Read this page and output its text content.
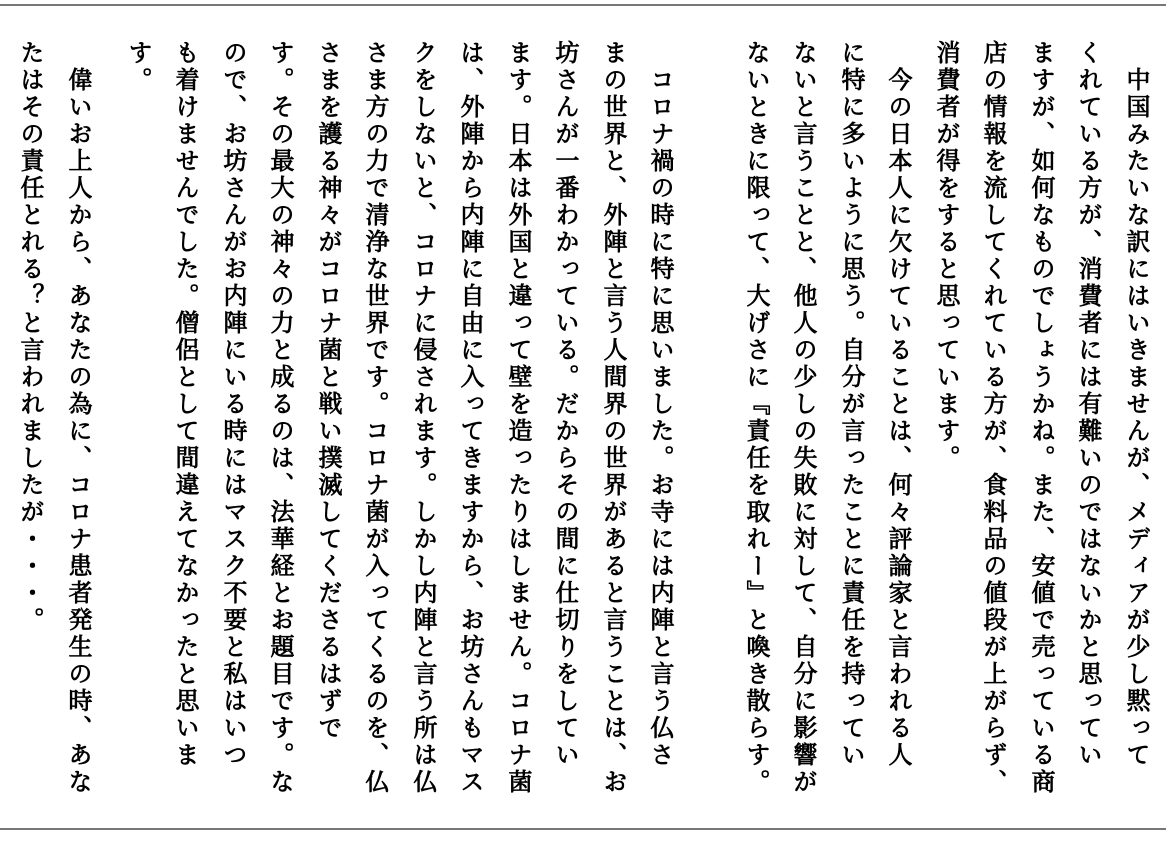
　中国みたいな訳にはいきませんが、メディアが少し黙って
くれている方が、消費者には有難いのではないかと思ってい
ますが、如何なものでしょうかね。また、安値で売っている商
店の情報を流してくれている方が、食料品の値段が上がらず、
消費者が得をすると思っています。
　今の日本人に欠けていることは、何々評論家と言われる人
に特に多いように思う。自分が言ったことに責任を持ってい
ないと言うことと、他人の少しの失敗に対して、自分に影響が
ないときに限って、大げさに『責任を取れー』と喚き散らす。
　コロナ禍の時に特に思いました。お寺には内陣と言う仏さ
まの世界と、外陣と言う人間界の世界があると言うことは、お
坊さんが一番わかっている。だからその間に仕切りをしてい
ます。日本は外国と違って壁を造ったりはしません。コロナ菌
は、外陣から内陣に自由に入ってきますから、お坊さんもマス
クをしないと、コロナに侵されます。しかし内陣と言う所は仏
さま方の力で清浄な世界です。コロナ菌が入ってくるのを、仏
さまを護る神々がコロナ菌と戦い撲滅してくださるはずで
す。その最大の神々の力と成るのは、法華経とお題目です。な
ので、お坊さんがお内陣にいる時にはマスク不要と私はいつ
も着けませんでした。僧侶として間違えてなかったと思いま
す。
　偉いお上人から、あなたの為に、コロナ患者発生の時、あな
たはその責任とれる？と言われましたが・・・。
